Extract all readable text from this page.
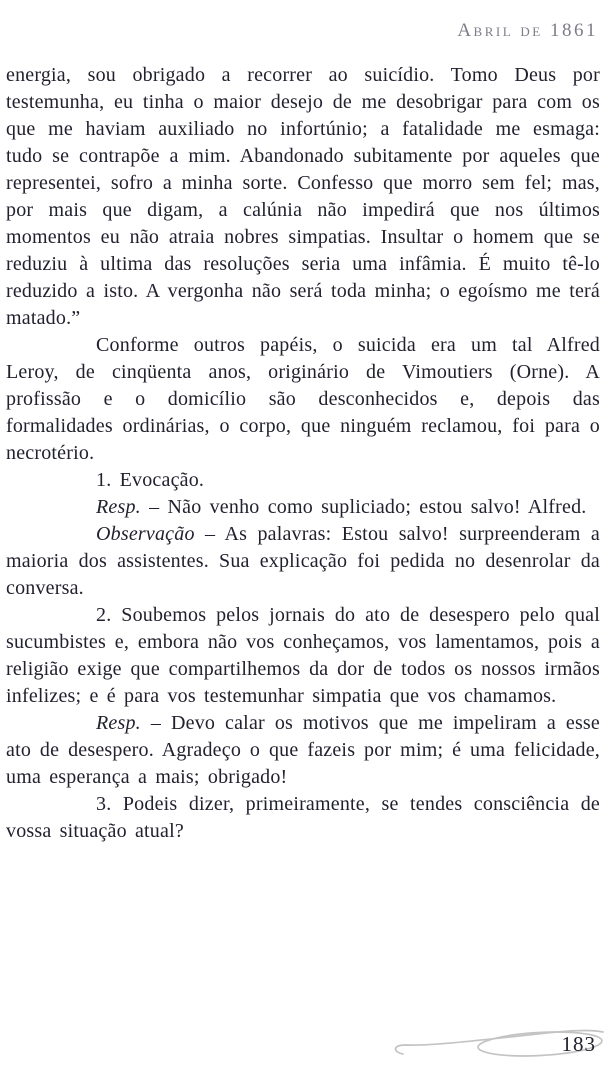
Abril de 1861

energia, sou obrigado a recorrer ao suicídio. Tomo Deus por testemunha, eu tinha o maior desejo de me desobrigar para com os que me haviam auxiliado no infortúnio; a fatalidade me esmaga: tudo se contrapõe a mim. Abandonado subitamente por aqueles que representei, sofro a minha sorte. Confesso que morro sem fel; mas, por mais que digam, a calúnia não impedirá que nos últimos momentos eu não atraia nobres simpatias. Insultar o homem que se reduziu à ultima das resoluções seria uma infâmia. É muito tê-lo reduzido a isto. A vergonha não será toda minha; o egoísmo me terá matado.”

Conforme outros papéis, o suicida era um tal Alfred Leroy, de cinqüenta anos, originário de Vimoutiers (Orne). A profissão e o domicílio são desconhecidos e, depois das formalidades ordinárias, o corpo, que ninguém reclamou, foi para o necrotério.

1. Evocação.

Resp. – Não venho como supliciado; estou salvo! Alfred.

Observação – As palavras: Estou salvo! surpreenderam a maioria dos assistentes. Sua explicação foi pedida no desenrolar da conversa.

2. Soubemos pelos jornais do ato de desespero pelo qual sucumbistes e, embora não vos conheçamos, vos lamentamos, pois a religião exige que compartilhemos da dor de todos os nossos irmãos infelizes; e é para vos testemunhar simpatia que vos chamamos.

Resp. – Devo calar os motivos que me impeliram a esse ato de desespero. Agradeço o que fazeis por mim; é uma felicidade, uma esperança a mais; obrigado!

3. Podeis dizer, primeiramente, se tendes consciência de vossa situação atual?

183
